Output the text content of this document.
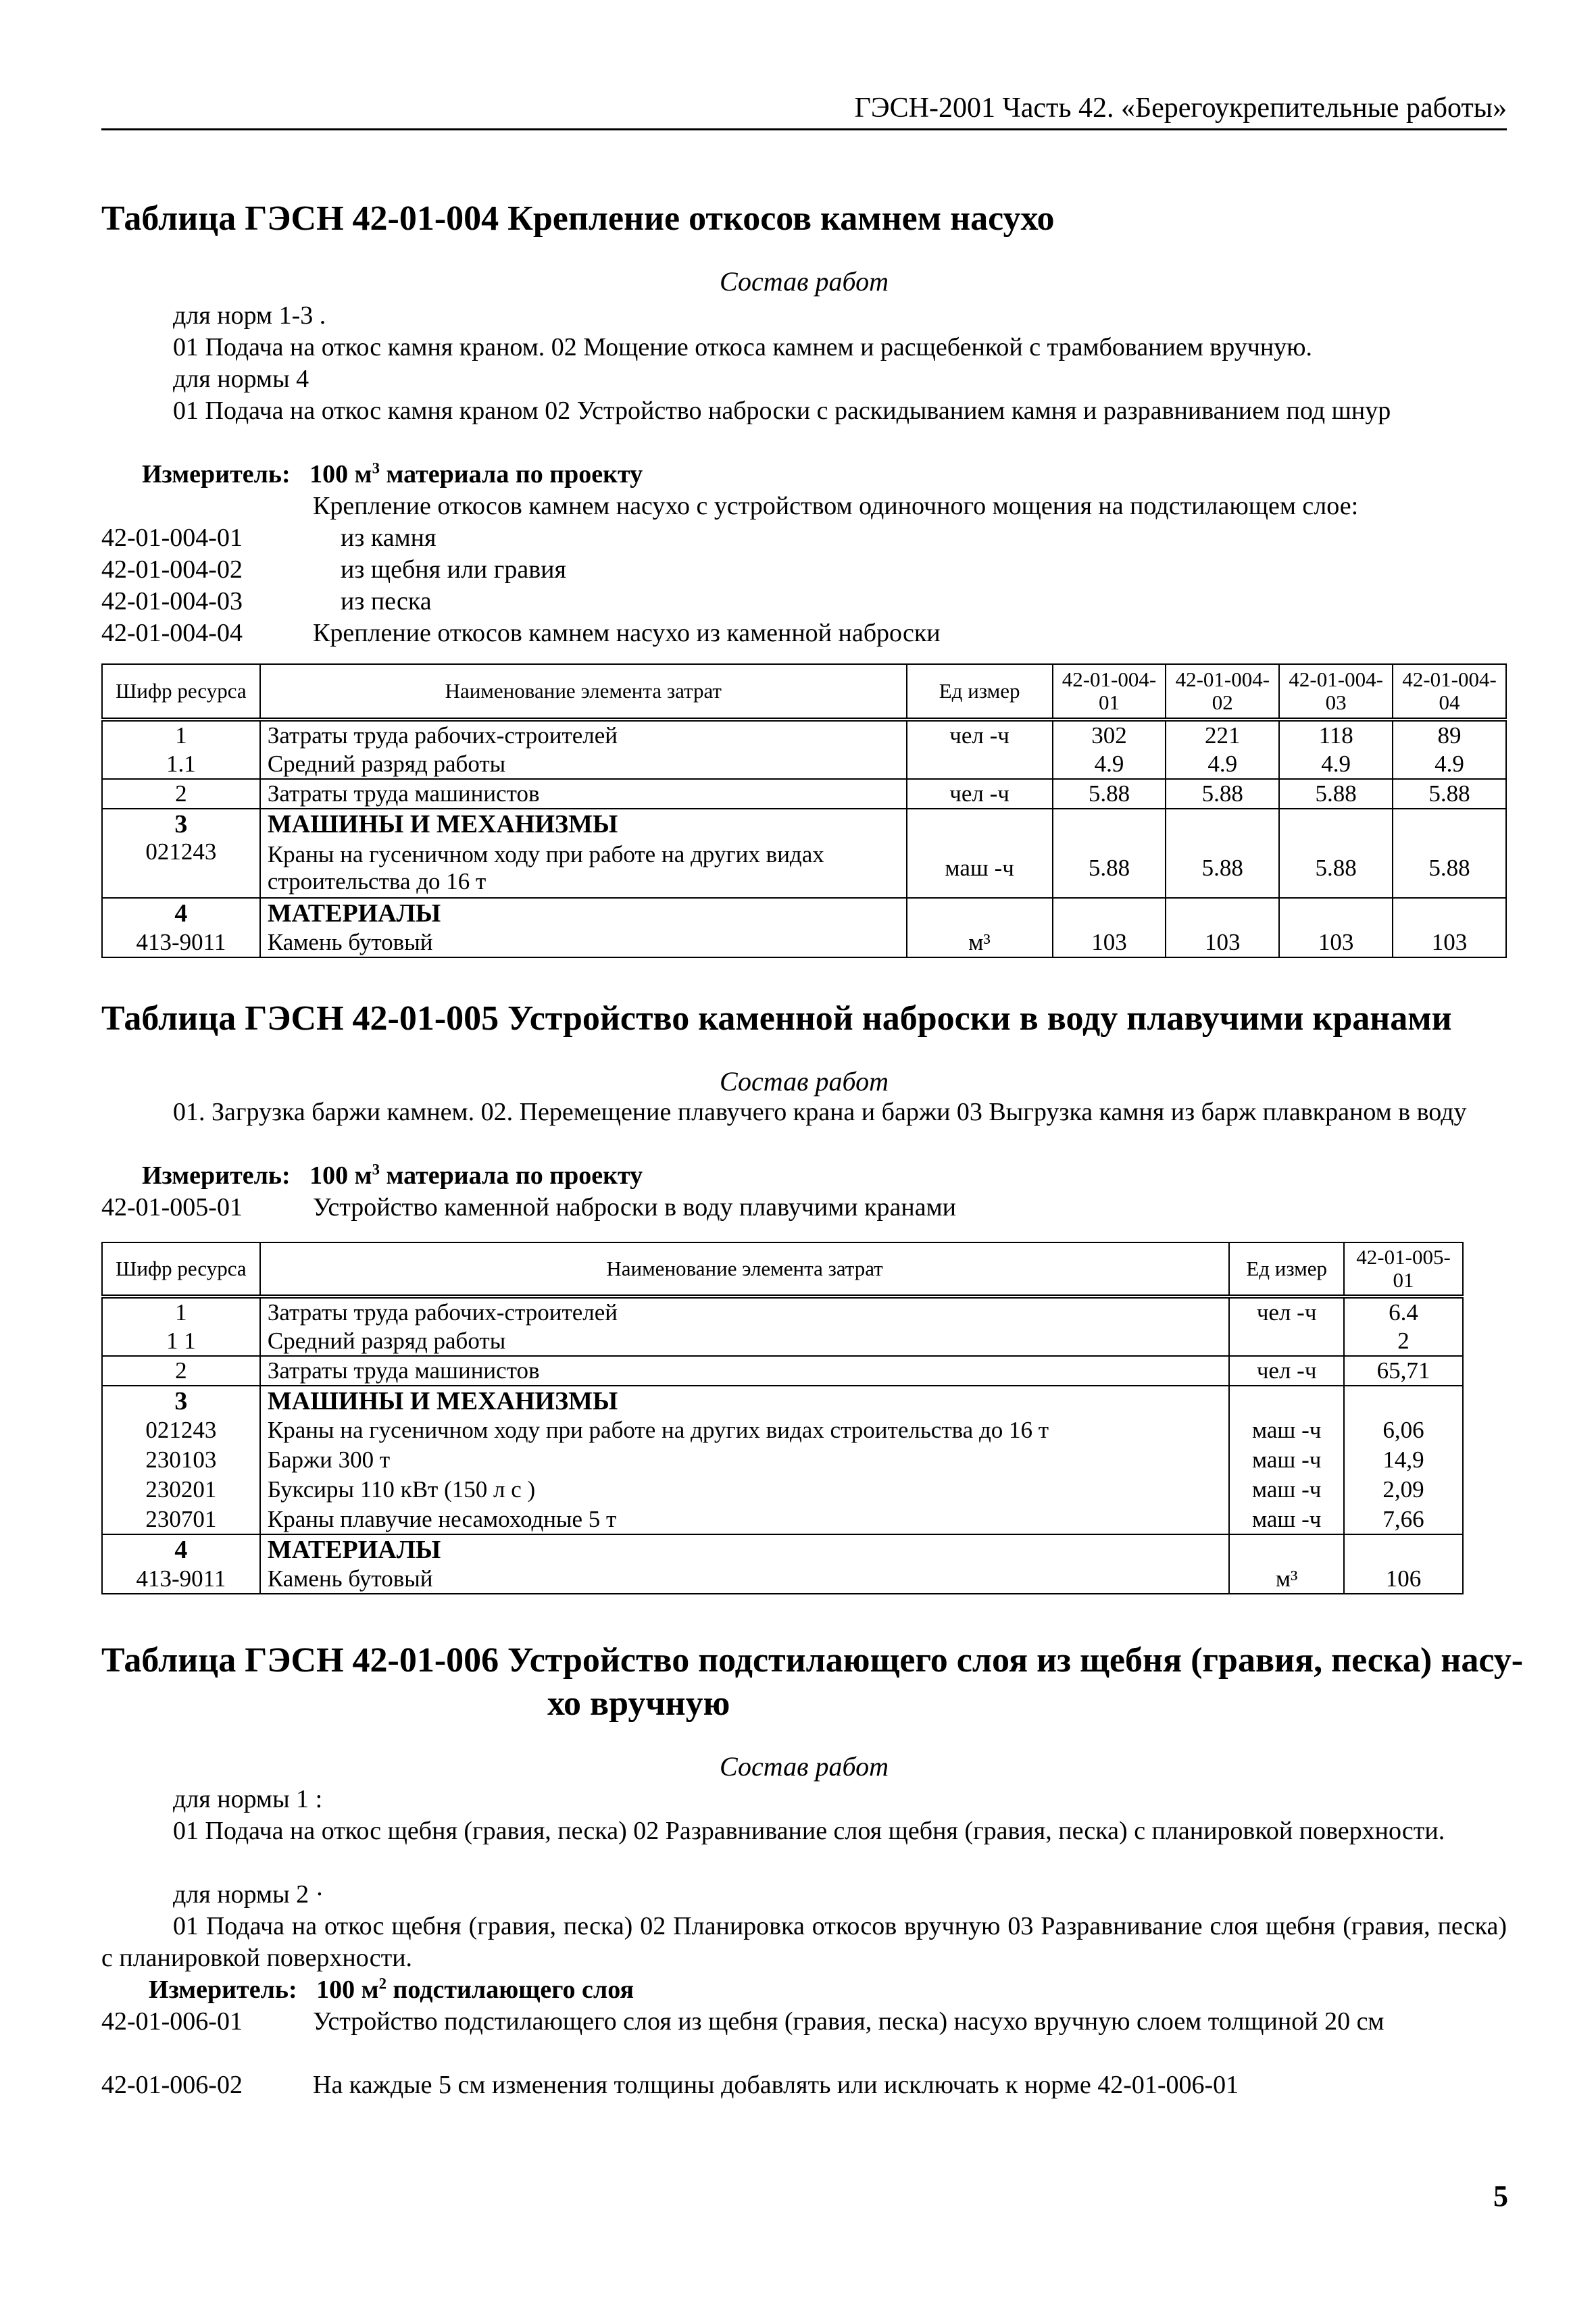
ГЭСН-2001 Часть 42. «Берегоукрепительные работы»
Таблица ГЭСН 42-01-004 Крепление откосов камнем насухо
Состав работ
для норм 1-3 .
01 Подача на откос камня краном. 02 Мощение откоса камнем и расщебенкой с трамбованием вручную.
для нормы 4
01 Подача на откос камня краном 02 Устройство наброски с раскидыванием камня и разравниванием под шнур
Измеритель: 100 $м^3$ материала по проекту
Крепление откосов камнем насухо с устройством одиночного мощения на подстилающем слое:
42-01-004-01	из камня
42-01-004-02	из щебня или гравия
42-01-004-03	из песка
42-01-004-04	Крепление откосов камнем насухо из каменной наброски
Шифр ресурса	Наименование элемента затрат	Ед измер	42-01-004-01	42-01-004-02	42-01-004-03	42-01-004-04
1	Затраты труда рабочих-строителей	чел -ч	302	221	118	89
1.1	Средний разряд работы		4.9	4.9	4.9	4.9
2	Затраты труда машинистов	чел -ч	5.88	5.88	5.88	5.88
3	МАШИНЫ И МЕХАНИЗМЫ					
021243	Краны на гусеничном ходу при работе на других видах строительства до 16 т	маш -ч	5.88	5.88	5.88	5.88
4	МАТЕРИАЛЫ					
413-9011	Камень бутовый	м³	103	103	103	103
Таблица ГЭСН 42-01-005 Устройство каменной наброски в воду плавучими кранами
Состав работ
01. Загрузка баржи камнем. 02. Перемещение плавучего крана и баржи 03 Выгрузка камня из барж плавкраном в воду
Измеритель: 100 $м^3$ материала по проекту
42-01-005-01	Устройство каменной наброски в воду плавучими кранами
Шифр ресурса	Наименование элемента затрат	Ед измер	42-01-005-01
1	Затраты труда рабочих-строителей	чел -ч	6.4
1 1	Средний разряд работы		2
2	Затраты труда машинистов	чел -ч	65,71
3	МАШИНЫ И МЕХАНИЗМЫ		
021243	Краны на гусеничном ходу при работе на других видах строительства до 16 т	маш -ч	6,06
230103	Баржи 300 т	маш -ч	14,9
230201	Буксиры 110 кВт (150 л с )	маш -ч	2,09
230701	Краны плавучие несамоходные 5 т	маш -ч	7,66
4	МАТЕРИАЛЫ		
413-9011	Камень бутовый	м³	106
Таблица ГЭСН 42-01-006 Устройство подстилающего слоя из щебня (гравия, песка) насу-
хо вручную
Состав работ
для нормы 1 :
01 Подача на откос щебня (гравия, песка) 02 Разравнивание слоя щебня (гравия, песка) с планировкой поверхности.
для нормы 2 ·
01 Подача на откос щебня (гравия, песка) 02 Планировка откосов вручную 03 Разравнивание слоя щебня (гравия, песка) с планировкой поверхности.
Измеритель: 100 $м^2$ подстилающего слоя
42-01-006-01	Устройство подстилающего слоя из щебня (гравия, песка) насухо вручную слоем толщиной 20 см
42-01-006-02	На каждые 5 см изменения толщины добавлять или исключать к норме 42-01-006-01
5
